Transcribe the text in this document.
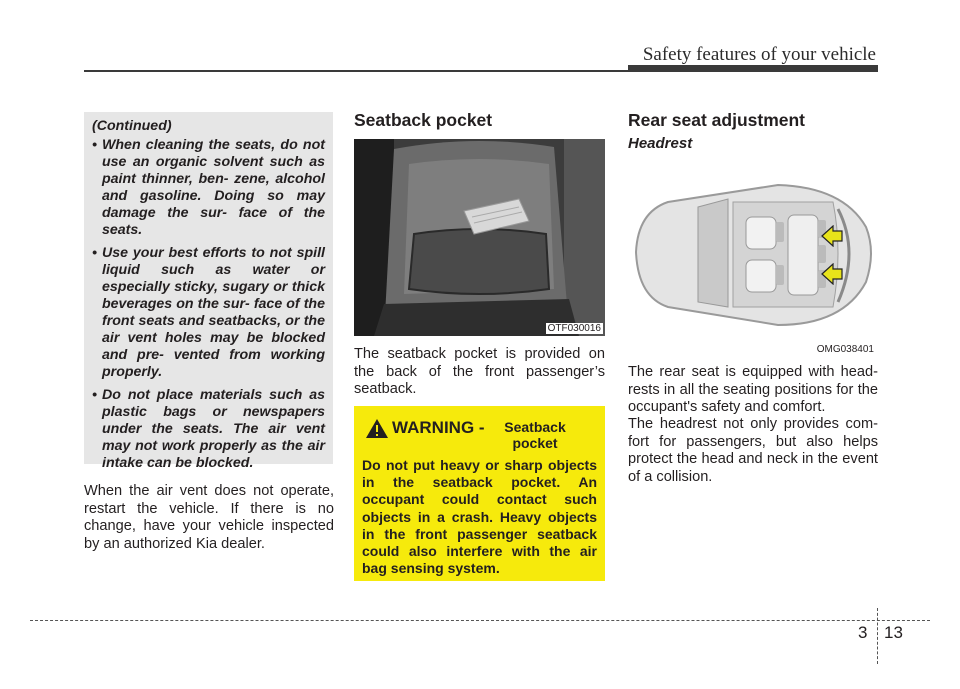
Safety features of your vehicle
(Continued)
• When cleaning the seats, do not use an organic solvent such as paint thinner, ben- zene, alcohol and gasoline. Doing so may damage the sur- face of the seats.
• Use your best efforts to not spill liquid such as water or especially sticky, sugary or thick beverages on the sur- face of the front seats and seatbacks, or the air vent holes may be blocked and pre- vented from working properly.
• Do not place materials such as plastic bags or newspapers under the seats. The air vent may not work properly as the air intake can be blocked.
When the air vent does not operate, restart the vehicle. If there is no change, have your vehicle inspected by an authorized Kia dealer.
Seatback pocket
OTF030016
The seatback pocket is provided on the back of the front passenger’s seatback.
WARNING -	Seatback pocket
Do not put heavy or sharp objects in the seatback pocket. An occupant could contact such objects in a crash. Heavy objects in the front passenger seatback could also interfere with the air bag sensing system.
Rear seat adjustment
Headrest
OMG038401
The rear seat is equipped with head- rests in all the seating positions for the occupant's safety and comfort.
The headrest not only provides com- fort for passengers, but also helps protect the head and neck in the event of a collision.
3 13
